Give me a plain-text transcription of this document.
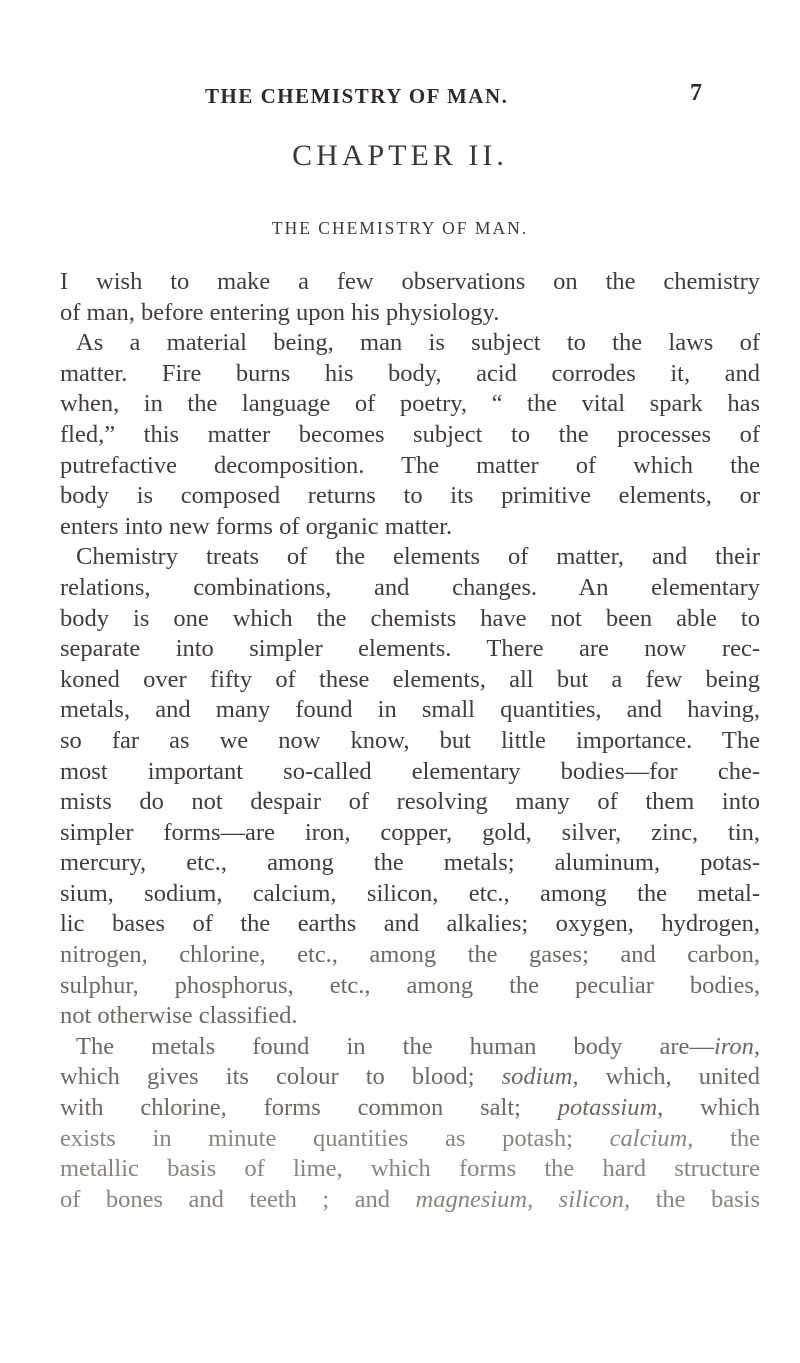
THE CHEMISTRY OF MAN.	7
CHAPTER II.
THE CHEMISTRY OF MAN.
I wish to make a few observations on the chemistry
of man, before entering upon his physiology.
As a material being, man is subject to the laws of
matter. Fire burns his body, acid corrodes it, and
when, in the language of poetry, “ the vital spark has
fled,” this matter becomes subject to the processes of
putrefactive decomposition. The matter of which the
body is composed returns to its primitive elements, or
enters into new forms of organic matter.
Chemistry treats of the elements of matter, and their
relations, combinations, and changes. An elementary
body is one which the chemists have not been able to
separate into simpler elements. There are now rec-
koned over fifty of these elements, all but a few being
metals, and many found in small quantities, and having,
so far as we now know, but little importance. The
most important so-called elementary bodies—for che-
mists do not despair of resolving many of them into
simpler forms—are iron, copper, gold, silver, zinc, tin,
mercury, etc., among the metals; aluminum, potas-
sium, sodium, calcium, silicon, etc., among the metal-
lic bases of the earths and alkalies; oxygen, hydrogen,
nitrogen, chlorine, etc., among the gases; and carbon,
sulphur, phosphorus, etc., among the peculiar bodies,
not otherwise classified.
The metals found in the human body are—iron,
which gives its colour to blood; sodium, which, united
with chlorine, forms common salt; potassium, which
exists in minute quantities as potash; calcium, the
metallic basis of lime, which forms the hard structure
of bones and teeth ; and magnesium, silicon, the basis
